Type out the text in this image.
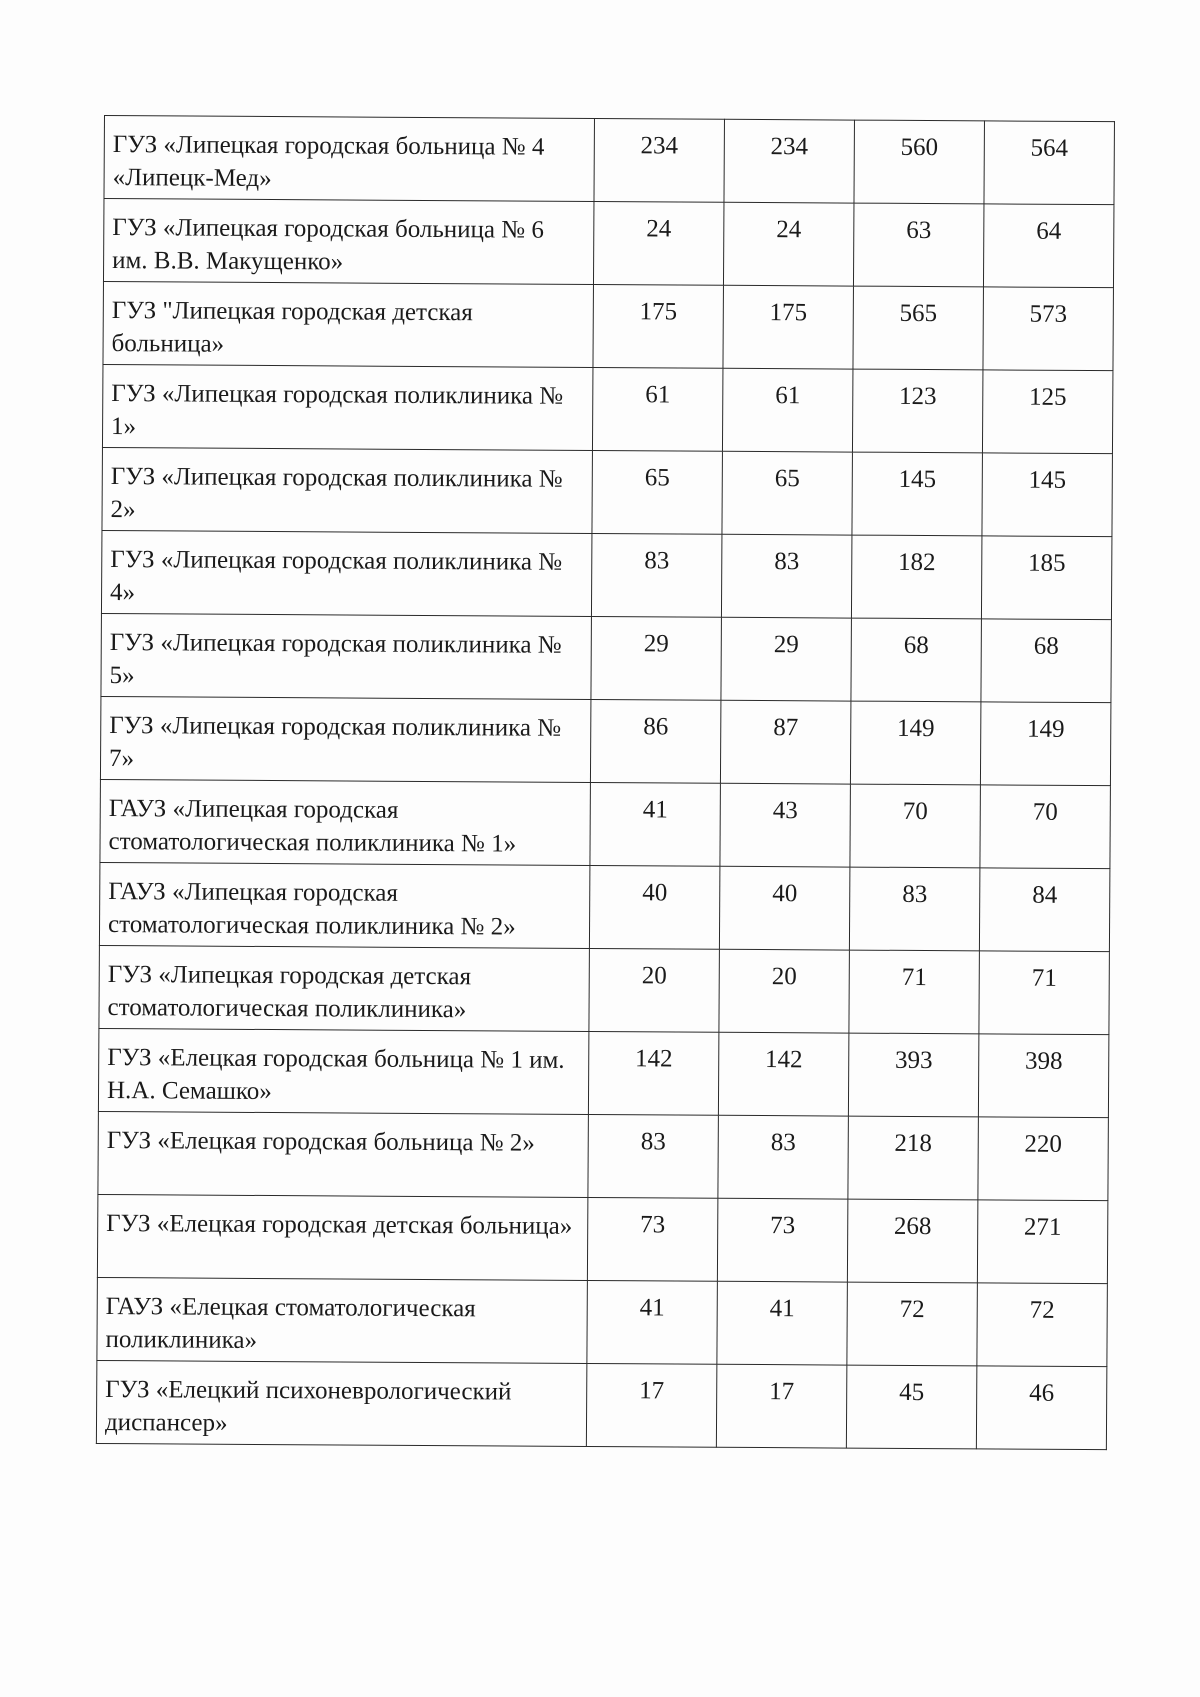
ГУЗ «Липецкая городская больница № 4 «Липецк-Мед»	234	234	560	564
ГУЗ «Липецкая городская больница № 6 им. В.В. Макущенко»	24	24	63	64
ГУЗ "Липецкая городская детская больница»	175	175	565	573
ГУЗ «Липецкая городская поликлиника № 1»	61	61	123	125
ГУЗ «Липецкая городская поликлиника № 2»	65	65	145	145
ГУЗ «Липецкая городская поликлиника № 4»	83	83	182	185
ГУЗ «Липецкая городская поликлиника № 5»	29	29	68	68
ГУЗ «Липецкая городская поликлиника № 7»	86	87	149	149
ГАУЗ «Липецкая городская стоматологическая поликлиника № 1»	41	43	70	70
ГАУЗ «Липецкая городская стоматологическая поликлиника № 2»	40	40	83	84
ГУЗ «Липецкая городская детская стоматологическая поликлиника»	20	20	71	71
ГУЗ «Елецкая городская больница № 1 им. Н.А. Семашко»	142	142	393	398
ГУЗ «Елецкая городская больница № 2»	83	83	218	220
ГУЗ «Елецкая городская детская больница»	73	73	268	271
ГАУЗ «Елецкая стоматологическая поликлиника»	41	41	72	72
ГУЗ «Елецкий психоневрологический диспансер»	17	17	45	46
